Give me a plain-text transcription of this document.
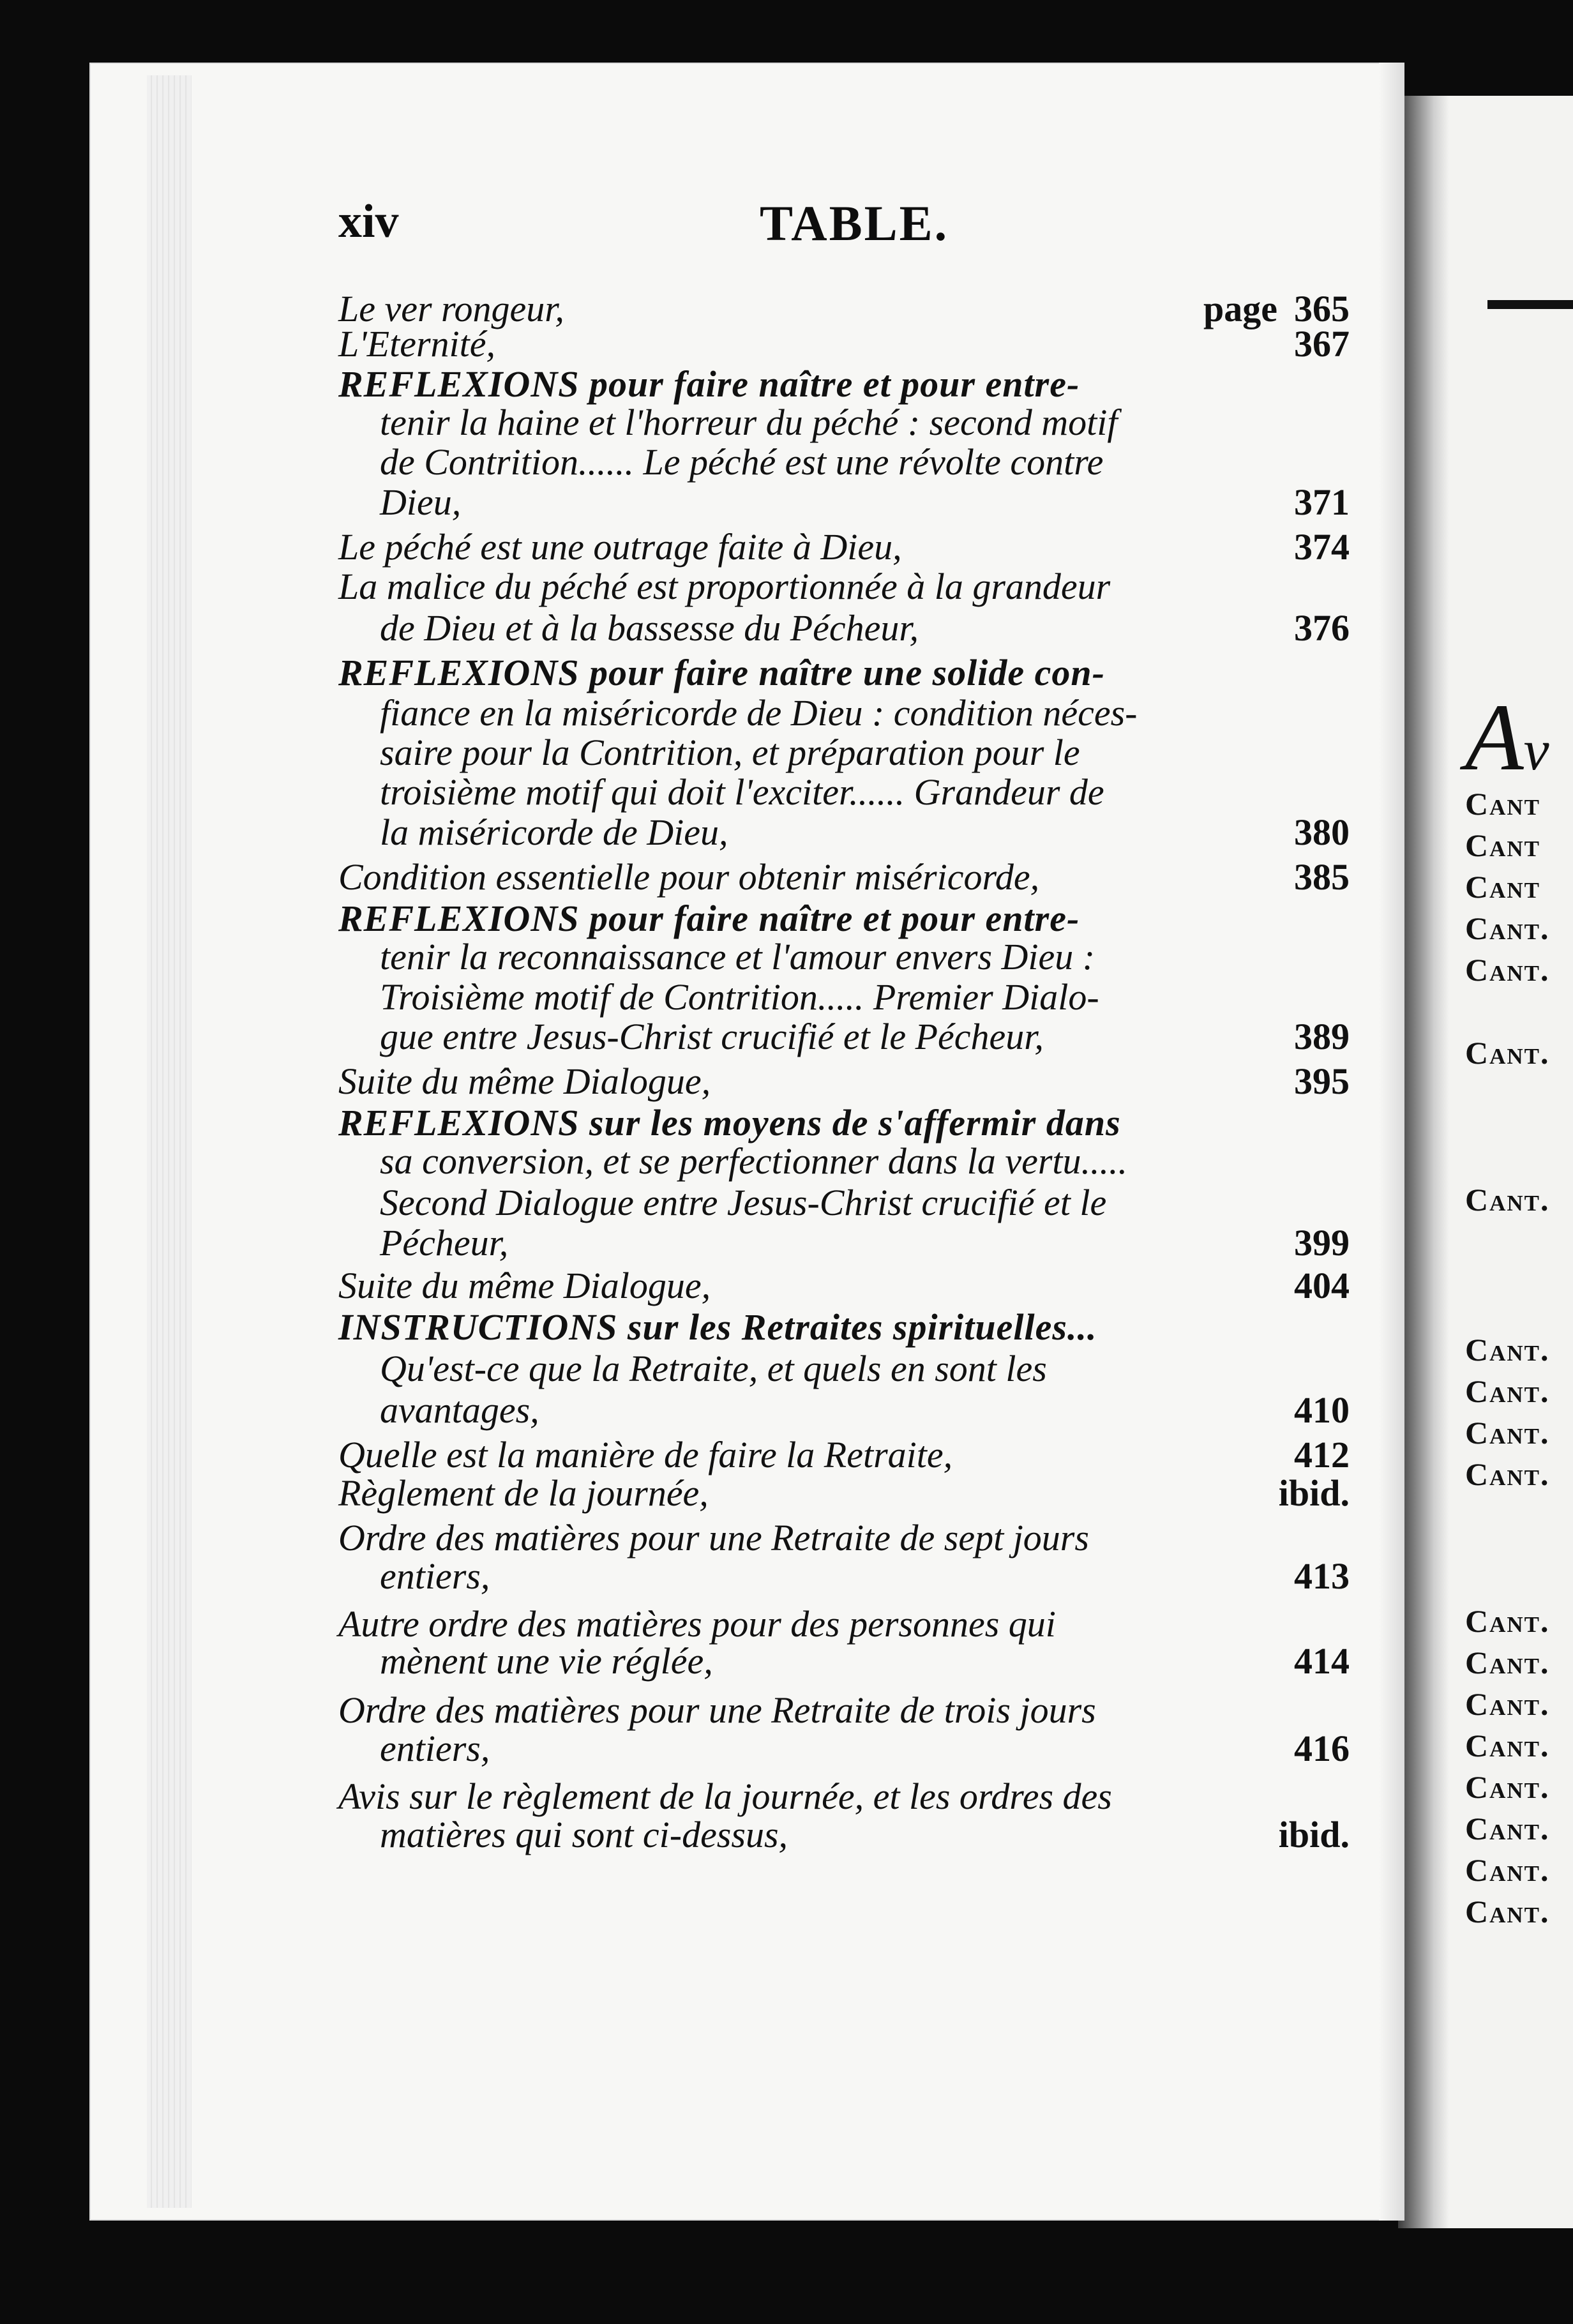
Av
Cant
Cant
Cant
Cant.
Cant.
Cant.
Cant.
Cant.
Cant.
Cant.
Cant.
Cant.
Cant.
Cant.
Cant.
Cant.
Cant.
Cant.
Cant.
xiv	TABLE.
Le ver rongeur,	page 365
L'Eternité,	367
REFLEXIONS pour faire naître et pour entre-
tenir la haine et l'horreur du péché : second motif
de Contrition...... Le péché est une révolte contre
Dieu,	371
Le péché est une outrage faite à Dieu,	374
La malice du péché est proportionnée à la grandeur
de Dieu et à la bassesse du Pécheur,	376
REFLEXIONS pour faire naître une solide con-
fiance en la miséricorde de Dieu : condition néces-
saire pour la Contrition, et préparation pour le
troisième motif qui doit l'exciter...... Grandeur de
la miséricorde de Dieu,	380
Condition essentielle pour obtenir miséricorde,	385
REFLEXIONS pour faire naître et pour entre-
tenir la reconnaissance et l'amour envers Dieu :
Troisième motif de Contrition..... Premier Dialo-
gue entre Jesus-Christ crucifié et le Pécheur,	389
Suite du même Dialogue,	395
REFLEXIONS sur les moyens de s'affermir dans
sa conversion, et se perfectionner dans la vertu.....
Second Dialogue entre Jesus-Christ crucifié et le
Pécheur,	399
Suite du même Dialogue,	404
INSTRUCTIONS sur les Retraites spirituelles...
Qu'est-ce que la Retraite, et quels en sont les
avantages,	410
Quelle est la manière de faire la Retraite,	412
Règlement de la journée,	ibid.
Ordre des matières pour une Retraite de sept jours
entiers,	413
Autre ordre des matières pour des personnes qui
mènent une vie réglée,	414
Ordre des matières pour une Retraite de trois jours
entiers,	416
Avis sur le règlement de la journée, et les ordres des
matières qui sont ci-dessus,	ibid.
